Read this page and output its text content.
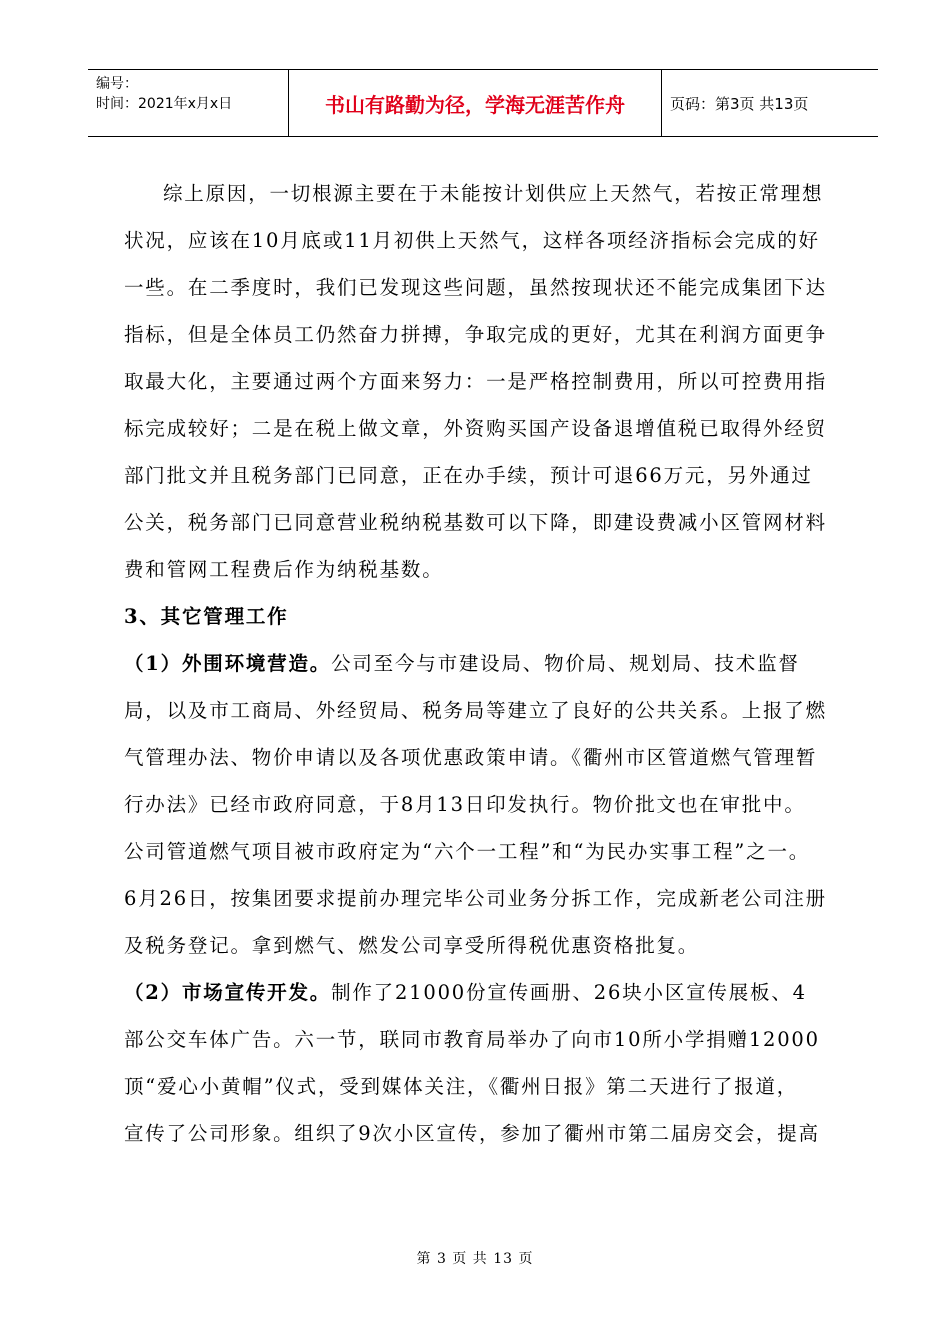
编号：
时间：2021年x月x日	书山有路勤为径，学海无涯苦作舟	页码：第3页 共13页

综上原因，一切根源主要在于未能按计划供应上天然气，若按正常理想

状况，应该在10月底或11月初供上天然气，这样各项经济指标会完成的好

一些。在二季度时，我们已发现这些问题，虽然按现状还不能完成集团下达

指标，但是全体员工仍然奋力拼搏，争取完成的更好，尤其在利润方面更争

取最大化，主要通过两个方面来努力：一是严格控制费用，所以可控费用指

标完成较好；二是在税上做文章，外资购买国产设备退增值税已取得外经贸

部门批文并且税务部门已同意，正在办手续，预计可退66万元，另外通过

公关，税务部门已同意营业税纳税基数可以下降，即建设费减小区管网材料

费和管网工程费后作为纳税基数。

3、其它管理工作

（1）外围环境营造。公司至今与市建设局、物价局、规划局、技术监督

局，以及市工商局、外经贸局、税务局等建立了良好的公共关系。上报了燃

气管理办法、物价申请以及各项优惠政策申请。《衢州市区管道燃气管理暂

行办法》已经市政府同意，于8月13日印发执行。物价批文也在审批中。

公司管道燃气项目被市政府定为“六个一工程”和“为民办实事工程”之一。

6月26日，按集团要求提前办理完毕公司业务分拆工作，完成新老公司注册

及税务登记。拿到燃气、燃发公司享受所得税优惠资格批复。

（2）市场宣传开发。制作了21000份宣传画册、26块小区宣传展板、4

部公交车体广告。六一节，联同市教育局举办了向市10所小学捐赠12000

顶“爱心小黄帽”仪式，受到媒体关注，《衢州日报》第二天进行了报道，

宣传了公司形象。组织了9次小区宣传，参加了衢州市第二届房交会，提高

第 3 页 共 13 页
